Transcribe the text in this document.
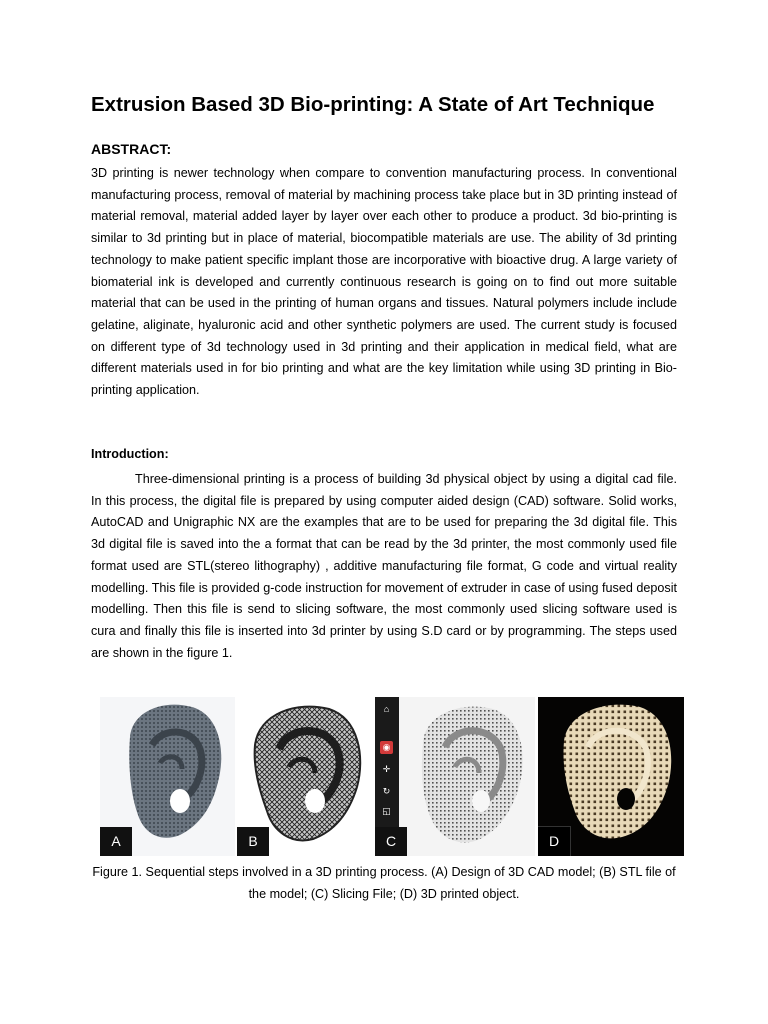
Extrusion Based 3D Bio-printing: A State of Art Technique
ABSTRACT:

3D printing is newer technology when compare to convention manufacturing process. In conventional manufacturing process, removal of material by machining process take place but in 3D printing instead of material removal, material added layer by layer over each other to produce a product. 3d bio-printing is similar to 3d printing but in place of material, biocompatible materials are use. The ability of 3d printing technology to make patient specific implant those are incorporative with bioactive drug. A large variety of biomaterial ink is developed and currently continuous research is going on to find out more suitable material that can be used in the printing of human organs and tissues. Natural polymers include include gelatine, aliginate, hyaluronic acid and other synthetic polymers are used. The current study is focused on different type of 3d technology used in 3d printing and their application in medical field, what are different materials used in for bio printing and what are the key limitation while using 3D printing in Bio-printing application.

Introduction:

Three-dimensional printing is a process of building 3d physical object by using a digital cad file. In this process, the digital file is prepared by using computer aided design (CAD) software. Solid works, AutoCAD and Unigraphic NX are the examples that are to be used for preparing the 3d digital file. This 3d digital file is saved into the a format that can be read by the 3d printer, the most commonly used file format used are STL(stereo lithography) , additive manufacturing file format, G code and virtual reality modelling. This file is provided g-code instruction for movement of extruder in case of using fused deposit modelling. Then this file is send to slicing software, the most commonly used slicing software used is cura and finally this file is inserted into 3d printer by using S.D card or by programming. The steps used are shown in the figure 1.

A	B
⌂
◉
✛
↻
◱
C	D

Figure 1. Sequential steps involved in a 3D printing process. (A) Design of 3D CAD model; (B) STL file of the model; (C) Slicing File; (D) 3D printed object.
